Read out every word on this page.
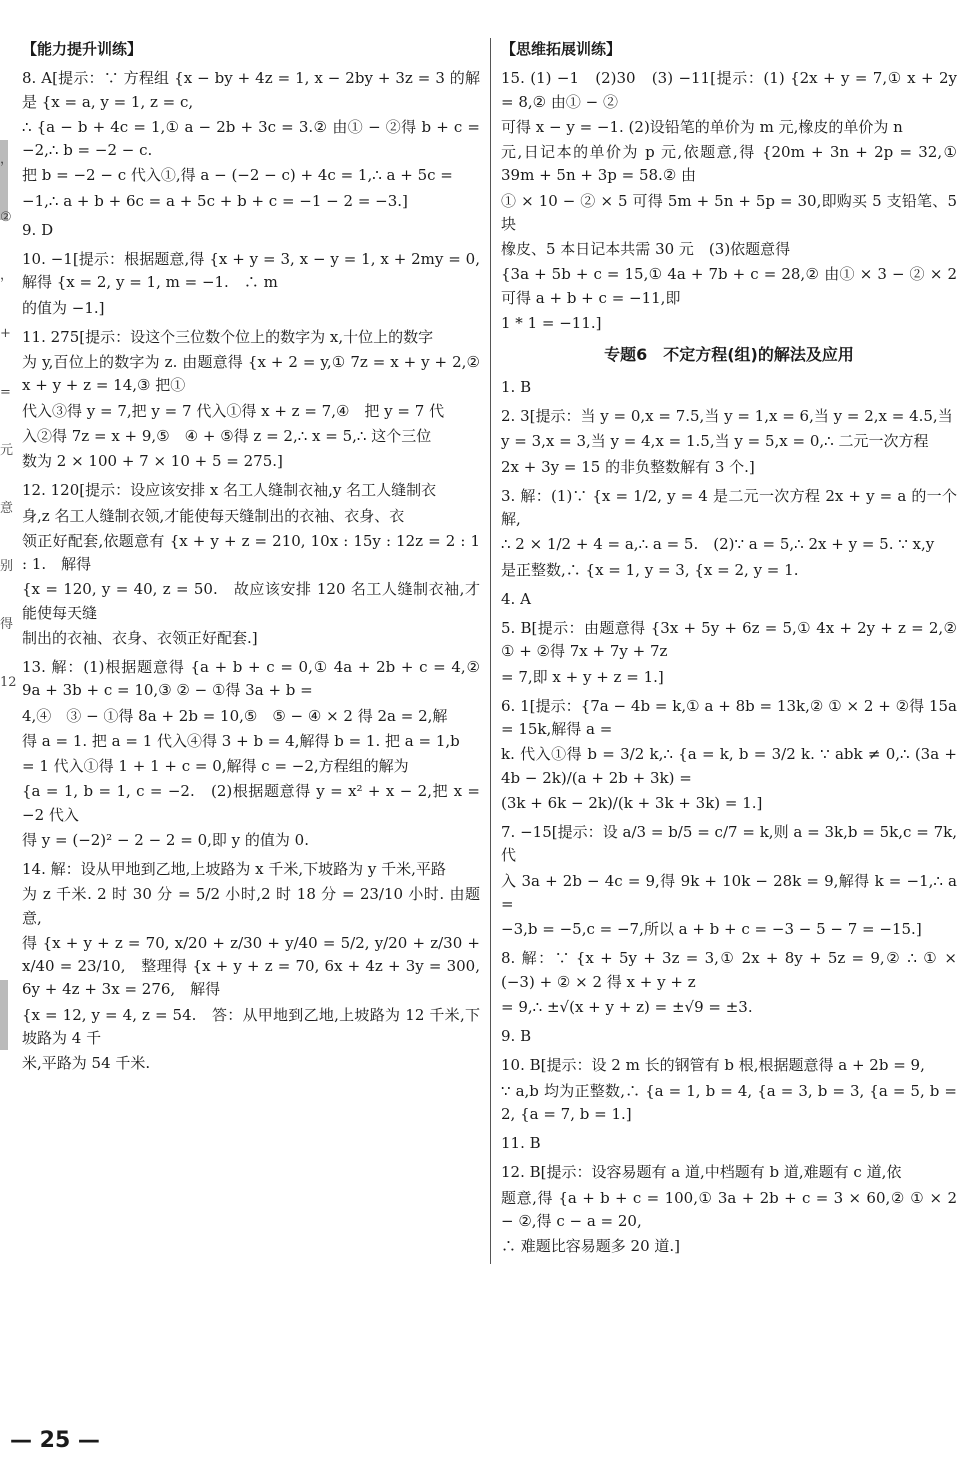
，
②
，
+
=
元
意
别
得
12
【能力提升训练】
8. A[提示：∵ 方程组 {x − by + 4z = 1, x − 2by + 3z = 3 的解是 {x = a, y = 1, z = c,
∴ {a − b + 4c = 1,① a − 2b + 3c = 3.② 由① − ②得 b + c = −2,∴ b = −2 − c.
把 b = −2 − c 代入①,得 a − (−2 − c) + 4c = 1,∴ a + 5c =
−1,∴ a + b + 6c = a + 5c + b + c = −1 − 2 = −3.]
9. D
10. −1[提示：根据题意,得 {x + y = 3, x − y = 1, x + 2my = 0,　解得 {x = 2, y = 1, m = −1.　∴ m
的值为 −1.]
11. 275[提示：设这个三位数个位上的数字为 x,十位上的数字
为 y,百位上的数字为 z. 由题意得 {x + 2 = y,① 7z = x + y + 2,② x + y + z = 14,③ 把①
代入③得 y = 7,把 y = 7 代入①得 x + z = 7,④　把 y = 7 代
入②得 7z = x + 9,⑤　④ + ⑤得 z = 2,∴ x = 5,∴ 这个三位
数为 2 × 100 + 7 × 10 + 5 = 275.]
12. 120[提示：设应该安排 x 名工人缝制衣袖,y 名工人缝制衣
身,z 名工人缝制衣领,才能使每天缝制出的衣袖、衣身、衣
领正好配套,依题意有 {x + y + z = 210, 10x : 15y : 12z = 2 : 1 : 1.　解得
{x = 120, y = 40, z = 50.　故应该安排 120 名工人缝制衣袖,才能使每天缝
制出的衣袖、衣身、衣领正好配套.]
13. 解：(1)根据题意得 {a + b + c = 0,① 4a + 2b + c = 4,② 9a + 3b + c = 10,③ ② − ①得 3a + b =
4,④　③ − ①得 8a + 2b = 10,⑤　⑤ − ④ × 2 得 2a = 2,解
得 a = 1. 把 a = 1 代入④得 3 + b = 4,解得 b = 1. 把 a = 1,b
= 1 代入①得 1 + 1 + c = 0,解得 c = −2,方程组的解为
{a = 1, b = 1, c = −2.　(2)根据题意得 y = x² + x − 2,把 x = −2 代入
得 y = (−2)² − 2 − 2 = 0,即 y 的值为 0.
14. 解：设从甲地到乙地,上坡路为 x 千米,下坡路为 y 千米,平路
为 z 千米. 2 时 30 分 = 5/2 小时,2 时 18 分 = 23/10 小时. 由题意,
得 {x + y + z = 70, x/20 + z/30 + y/40 = 5/2, y/20 + z/30 + x/40 = 23/10,　整理得 {x + y + z = 70, 6x + 4z + 3y = 300, 6y + 4z + 3x = 276,　解得
{x = 12, y = 4, z = 54.　答：从甲地到乙地,上坡路为 12 千米,下坡路为 4 千
米,平路为 54 千米.
【思维拓展训练】
15. (1) −1　(2)30　(3) −11[提示：(1) {2x + y = 7,① x + 2y = 8,② 由① − ②
可得 x − y = −1. (2)设铅笔的单价为 m 元,橡皮的单价为 n
元,日记本的单价为 p 元,依题意,得 {20m + 3n + 2p = 32,① 39m + 5n + 3p = 58.② 由
① × 10 − ② × 5 可得 5m + 5n + 5p = 30,即购买 5 支铅笔、5 块
橡皮、5 本日记本共需 30 元　(3)依题意得
{3a + 5b + c = 15,① 4a + 7b + c = 28,② 由① × 3 − ② × 2 可得 a + b + c = −11,即
1 * 1 = −11.]
专题6　不定方程(组)的解法及应用
1. B
2. 3[提示：当 y = 0,x = 7.5,当 y = 1,x = 6,当 y = 2,x = 4.5,当
y = 3,x = 3,当 y = 4,x = 1.5,当 y = 5,x = 0,∴ 二元一次方程
2x + 3y = 15 的非负整数解有 3 个.]
3. 解：(1)∵ {x = 1/2, y = 4 是二元一次方程 2x + y = a 的一个解,
∴ 2 × 1/2 + 4 = a,∴ a = 5.　(2)∵ a = 5,∴ 2x + y = 5. ∵ x,y
是正整数,∴ {x = 1, y = 3, {x = 2, y = 1.
4. A
5. B[提示：由题意得 {3x + 5y + 6z = 5,① 4x + 2y + z = 2,② ① + ②得 7x + 7y + 7z
= 7,即 x + y + z = 1.]
6. 1[提示：{7a − 4b = k,① a + 8b = 13k,② ① × 2 + ②得 15a = 15k,解得 a =
k. 代入①得 b = 3/2 k,∴ {a = k, b = 3/2 k. ∵ abk ≠ 0,∴ (3a + 4b − 2k)/(a + 2b + 3k) =
(3k + 6k − 2k)/(k + 3k + 3k) = 1.]
7. −15[提示：设 a/3 = b/5 = c/7 = k,则 a = 3k,b = 5k,c = 7k,代
入 3a + 2b − 4c = 9,得 9k + 10k − 28k = 9,解得 k = −1,∴ a =
−3,b = −5,c = −7,所以 a + b + c = −3 − 5 − 7 = −15.]
8. 解：∵ {x + 5y + 3z = 3,① 2x + 8y + 5z = 9,② ∴ ① × (−3) + ② × 2 得 x + y + z
= 9,∴ ±√(x + y + z) = ±√9 = ±3.
9. B
10. B[提示：设 2 m 长的钢管有 b 根,根据题意得 a + 2b = 9,
∵ a,b 均为正整数,∴ {a = 1, b = 4, {a = 3, b = 3, {a = 5, b = 2, {a = 7, b = 1.]
11. B
12. B[提示：设容易题有 a 道,中档题有 b 道,难题有 c 道,依
题意,得 {a + b + c = 100,① 3a + 2b + c = 3 × 60,② ① × 2 − ②,得 c − a = 20,
∴ 难题比容易题多 20 道.]
— 25 —
